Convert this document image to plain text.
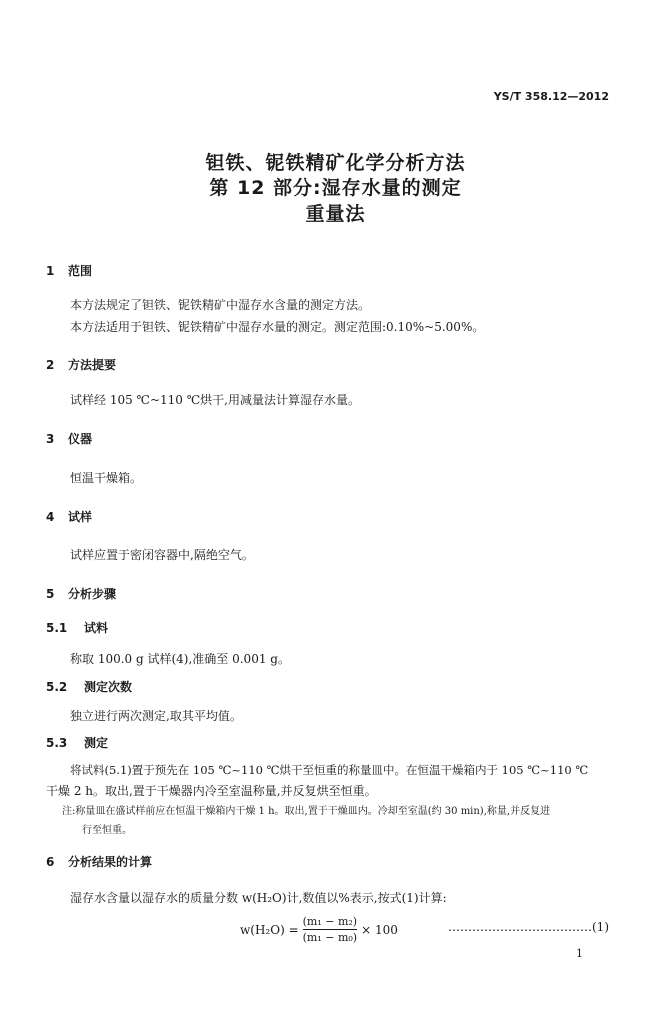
YS/T 358.12—2012
钽铁、铌铁精矿化学分析方法
第 12 部分:湿存水量的测定
重量法
1 范围
本方法规定了钽铁、铌铁精矿中湿存水含量的测定方法。
本方法适用于钽铁、铌铁精矿中湿存水量的测定。测定范围:0.10%~5.00%。
2 方法提要
试样经 105 ℃~110 ℃烘干,用减量法计算湿存水量。
3 仪器
恒温干燥箱。
4 试样
试样应置于密闭容器中,隔绝空气。
5 分析步骤
5.1 试料
称取 100.0 g 试样(4),准确至 0.001 g。
5.2 测定次数
独立进行两次测定,取其平均值。
5.3 测定
将试料(5.1)置于预先在 105 ℃~110 ℃烘干至恒重的称量皿中。在恒温干燥箱内于 105 ℃~110 ℃
干燥 2 h。取出,置于干燥器内冷至室温称量,并反复烘至恒重。
注:称量皿在盛试样前应在恒温干燥箱内干燥 1 h。取出,置于干燥皿内。冷却至室温(约 30 min),称量,并反复进
行至恒重。
6 分析结果的计算
湿存水含量以湿存水的质量分数 w(H₂O)计,数值以%表示,按式(1)计算:
$w(H_2O) = \frac{\text{(m₁ − m₂)}}{\text{(m₁ − m₀)}} \times 100$	………………………………(1)
1
